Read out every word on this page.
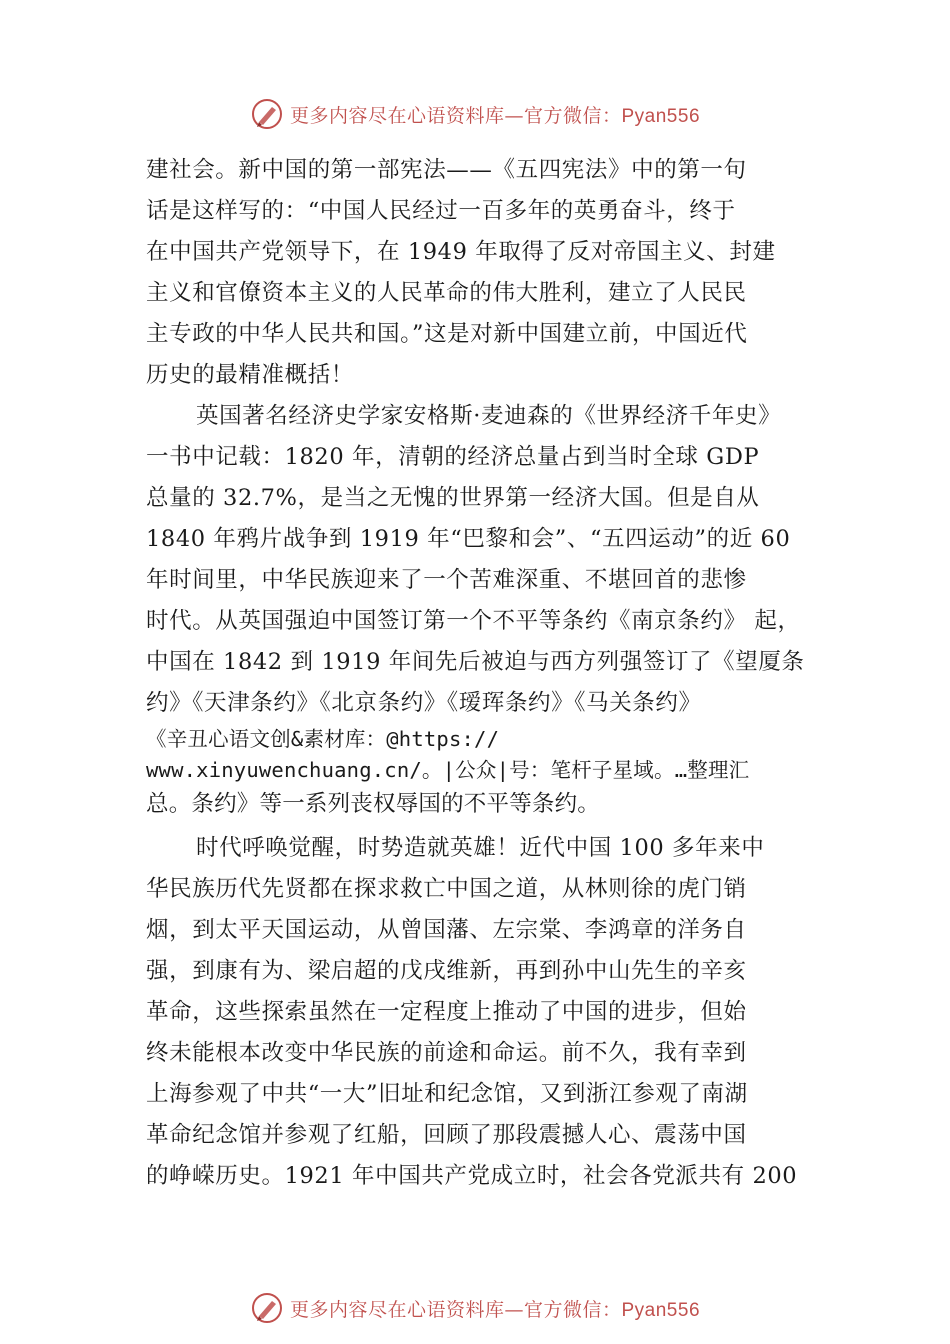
更多内容尽在心语资料库—官方微信：Pyan556
建社会。新中国的第一部宪法——《五四宪法》中的第一句
话是这样写的：“中国人民经过一百多年的英勇奋斗，终于
在中国共产党领导下，在 1949 年取得了反对帝国主义、封建
主义和官僚资本主义的人民革命的伟大胜利，建立了人民民
主专政的中华人民共和国。”这是对新中国建立前，中国近代
历史的最精准概括！
英国著名经济史学家安格斯·麦迪森的《世界经济千年史》
一书中记载：1820 年，清朝的经济总量占到当时全球 GDP
总量的 32.7%，是当之无愧的世界第一经济大国。但是自从
1840 年鸦片战争到 1919 年“巴黎和会”、“五四运动”的近 60
年时间里，中华民族迎来了一个苦难深重、不堪回首的悲惨
时代。从英国强迫中国签订第一个不平等条约《南京条约》 起，
中国在 1842 到 1919 年间先后被迫与西方列强签订了《望厦条
约》《天津条约》《北京条约》《瑷珲条约》《马关条约》
《辛丑心语文创&素材库：@https://
www.xinyuwenchuang.cn/。|公众|号：笔杆子星域。…整理汇
总。条约》等一系列丧权辱国的不平等条约。
时代呼唤觉醒，时势造就英雄！近代中国 100 多年来中
华民族历代先贤都在探求救亡中国之道，从林则徐的虎门销
烟，到太平天国运动，从曾国藩、左宗棠、李鸿章的洋务自
强，到康有为、梁启超的戊戌维新，再到孙中山先生的辛亥
革命，这些探索虽然在一定程度上推动了中国的进步，但始
终未能根本改变中华民族的前途和命运。前不久，我有幸到
上海参观了中共“一大”旧址和纪念馆，又到浙江参观了南湖
革命纪念馆并参观了红船，回顾了那段震撼人心、震荡中国
的峥嵘历史。1921 年中国共产党成立时，社会各党派共有 200
更多内容尽在心语资料库—官方微信：Pyan556
